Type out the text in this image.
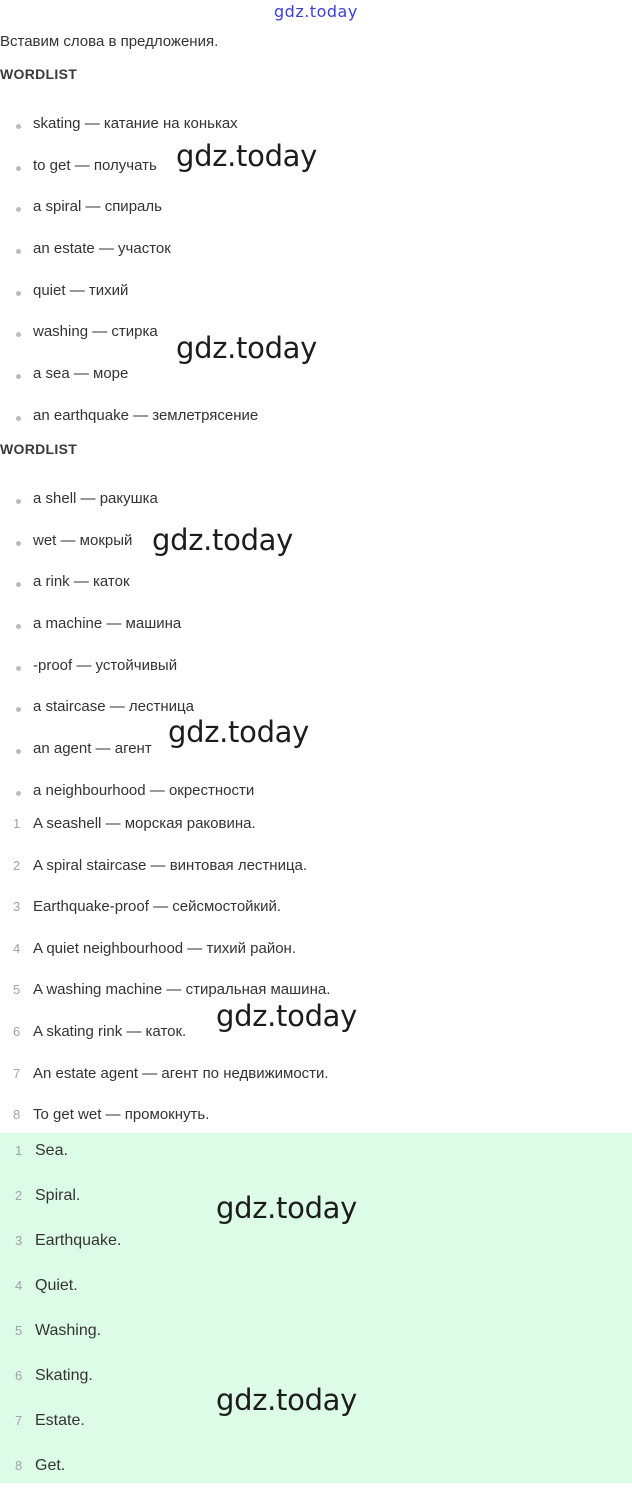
gdz.today
Вставим слова в предложения.
WORDLIST
skating — катание на коньках
to get — получать
a spiral — спираль
an estate — участок
quiet — тихий
washing — стирка
a sea — море
an earthquake — землетрясение
WORDLIST
a shell — ракушка
wet — мокрый
a rink — каток
a machine — машина
-proof — устойчивый
a staircase — лестница
an agent — агент
a neighbourhood — окрестности
1 A seashell — морская раковина.
2 A spiral staircase — винтовая лестница.
3 Earthquake-proof — сейсмостойкий.
4 A quiet neighbourhood — тихий район.
5 A washing machine — стиральная машина.
6 A skating rink — каток.
7 An estate agent — агент по недвижимости.
8 To get wet — промокнуть.
1 Sea.
2 Spiral.
3 Earthquake.
4 Quiet.
5 Washing.
6 Skating.
7 Estate.
8 Get.
gdz.today
gdz.today
gdz.today
gdz.today
gdz.today
gdz.today
gdz.today
